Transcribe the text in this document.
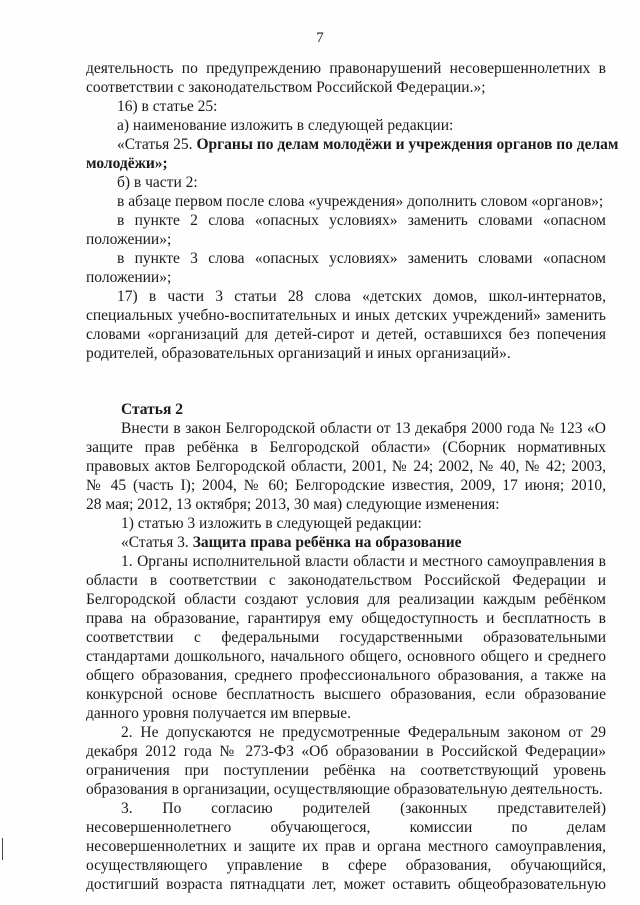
7
деятельность по предупреждению правонарушений несовершеннолетних в
соответствии с законодательством Российской Федерации.»;
16) в статье 25:
а) наименование изложить в следующей редакции:
«Статья 25. Органы по делам молодёжи и учреждения органов по делам
молодёжи»;
б) в части 2:
в абзаце первом после слова «учреждения» дополнить словом «органов»;
в пункте 2 слова «опасных условиях» заменить словами «опасном
положении»;
в пункте 3 слова «опасных условиях» заменить словами «опасном
положении»;
17) в части 3 статьи 28 слова «детских домов, школ-интернатов,
специальных учебно-воспитательных и иных детских учреждений» заменить
словами «организаций для детей-сирот и детей, оставшихся без попечения
родителей, образовательных организаций и иных организаций».
Статья 2
Внести в закон Белгородской области от 13 декабря 2000 года № 123 «О
защите прав ребёнка в Белгородской области» (Сборник нормативных
правовых актов Белгородской области, 2001, № 24; 2002, № 40, № 42; 2003,
№ 45 (часть I); 2004, № 60; Белгородские известия, 2009, 17 июня; 2010,
28 мая; 2012, 13 октября; 2013, 30 мая) следующие изменения:
1) статью 3 изложить в следующей редакции:
«Статья 3. Защита права ребёнка на образование
1. Органы исполнительной власти области и местного самоуправления в
области в соответствии с законодательством Российской Федерации и
Белгородской области создают условия для реализации каждым ребёнком
права на образование, гарантируя ему общедоступность и бесплатность в
соответствии с федеральными государственными образовательными
стандартами дошкольного, начального общего, основного общего и среднего
общего образования, среднего профессионального образования, а также на
конкурсной основе бесплатность высшего образования, если образование
данного уровня получается им впервые.
2. Не допускаются не предусмотренные Федеральным законом от 29
декабря 2012 года № 273-ФЗ «Об образовании в Российской Федерации»
ограничения при поступлении ребёнка на соответствующий уровень
образования в организации, осуществляющие образовательную деятельность.
3. По согласию родителей (законных представителей)
несовершеннолетнего обучающегося, комиссии по делам
несовершеннолетних и защите их прав и органа местного самоуправления,
осуществляющего управление в сфере образования, обучающийся,
достигший возраста пятнадцати лет, может оставить общеобразовательную
